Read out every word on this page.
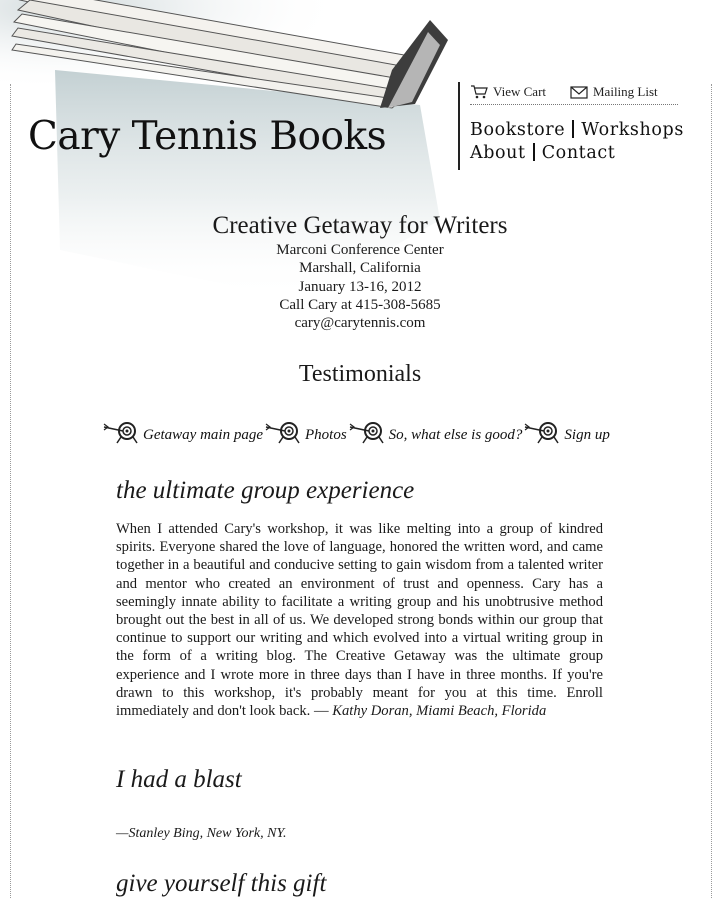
Cary Tennis Books
View Cart	Mailing List
Bookstore Workshops
About Contact
Creative Getaway for Writers
Marconi Conference Center
Marshall, California
January 13-16, 2012
Call Cary at 415-308-5685
cary@carytennis.com
Testimonials
Getaway main page	Photos	So, what else is good?	Sign up
the ultimate group experience

When I attended Cary's workshop, it was like melting into a group of kindred spirits. Everyone shared the love of language, honored the written word, and came together in a beautiful and conducive setting to gain wisdom from a talented writer and mentor who created an environment of trust and openness. Cary has a seemingly innate ability to facilitate a writing group and his unobtrusive method brought out the best in all of us. We developed strong bonds within our group that continue to support our writing and which evolved into a virtual writing group in the form of a writing blog. The Creative Getaway was the ultimate group experience and I wrote more in three days than I have in three months. If you're drawn to this workshop, it's probably meant for you at this time. Enroll immediately and don't look back. — Kathy Doran, Miami Beach, Florida

I had a blast

—Stanley Bing, New York, NY.

give yourself this gift
